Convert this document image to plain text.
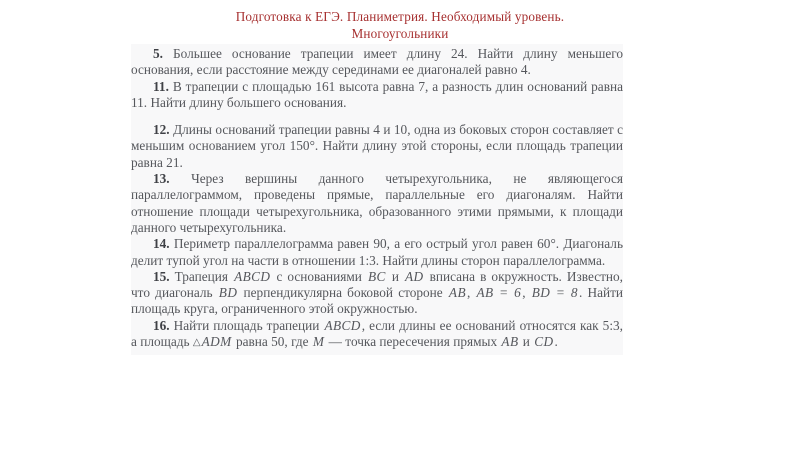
Подготовка к ЕГЭ. Планиметрия. Необходимый уровень.
Многоугольники

5. Большее основание трапеции имеет длину 24. Найти длину меньшего основания, если расстояние между серединами ее диагоналей равно 4.

11. В трапеции с площадью 161 высота равна 7, а разность длин оснований равна 11. Найти длину большего основания.

12. Длины оснований трапеции равны 4 и 10, одна из боковых сторон составляет с меньшим основанием угол 150°. Найти длину этой стороны, если площадь трапеции равна 21.

13. Через вершины данного четырехугольника, не являющегося параллелограммом, проведены прямые, параллельные его диагоналям. Найти отношение площади четырехугольника, образованного этими прямыми, к площади данного четырехугольника.

14. Периметр параллелограмма равен 90, а его острый угол равен 60°. Диагональ делит тупой угол на части в отношении 1:3. Найти длины сторон параллелограмма.

15. Трапеция ABCD с основаниями BC и AD вписана в окружность. Известно, что диагональ BD перпендикулярна боковой стороне AB, AB = 6, BD = 8. Найти площадь круга, ограниченного этой окружностью.

16. Найти площадь трапеции ABCD, если длины ее оснований относятся как 5:3, а площадь △ADM равна 50, где M — точка пересечения прямых AB и CD.
